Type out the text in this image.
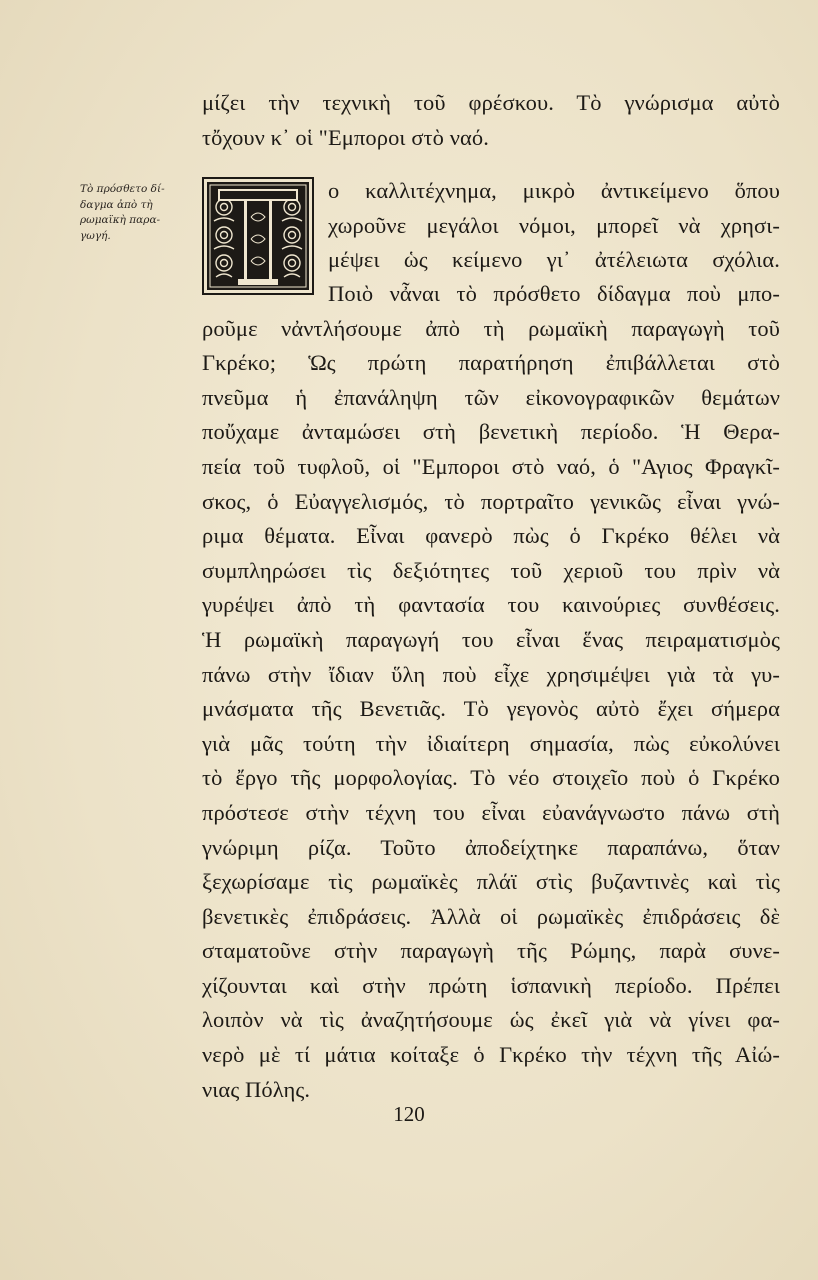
μίζει τὴν τεχνικὴ τοῦ φρέσκου. Τὸ γνώρισμα αὐτὸ
τὄχουν κ᾿ οἱ "Εμποροι στὸ ναό.
Τὸ πρόσθετο δί-
δαγμα ἀπὸ τὴ
ρωμαϊκὴ παρα-
γωγή.
T
ο καλλιτέχνημα, μικρὸ ἀντικείμενο ὅπου
χωροῦνε μεγάλοι νόμοι, μπορεῖ νὰ χρησι-
μέψει ὡς κείμενο γι᾿ ἀτέλειωτα σχόλια.
Ποιὸ νἆναι τὸ πρόσθετο δίδαγμα ποὺ μπο-
ροῦμε νἀντλήσουμε ἀπὸ τὴ ρωμαϊκὴ παραγωγὴ τοῦ
Γκρέκο; Ὡς πρώτη παρατήρηση ἐπιβάλλεται στὸ
πνεῦμα ἡ ἐπανάληψη τῶν εἰκονογραφικῶν θεμάτων
ποὔχαμε ἀνταμώσει στὴ βενετικὴ περίοδο. Ἡ Θερα-
πεία τοῦ τυφλοῦ, οἱ "Εμποροι στὸ ναό, ὁ "Αγιος Φραγκῖ-
σκος, ὁ Εὐαγγελισμός, τὸ πορτραῖτο γενικῶς εἶναι γνώ-
ριμα θέματα. Εἶναι φανερὸ πὼς ὁ Γκρέκο θέλει νὰ
συμπληρώσει τὶς δεξιότητες τοῦ χεριοῦ του πρὶν νὰ
γυρέψει ἀπὸ τὴ φαντασία του καινούριες συνθέσεις.
Ἡ ρωμαϊκὴ παραγωγή του εἶναι ἕνας πειραματισμὸς
πάνω στὴν ἴδιαν ὕλη ποὺ εἶχε χρησιμέψει γιὰ τὰ γυ-
μνάσματα τῆς Βενετιᾶς. Τὸ γεγονὸς αὐτὸ ἔχει σήμερα
γιὰ μᾶς τούτη τὴν ἰδιαίτερη σημασία, πὼς εὐκολύνει
τὸ ἔργο τῆς μορφολογίας. Τὸ νέο στοιχεῖο ποὺ ὁ Γκρέκο
πρόστεσε στὴν τέχνη του εἶναι εὐανάγνωστο πάνω στὴ
γνώριμη ρίζα. Τοῦτο ἀποδείχτηκε παραπάνω, ὅταν
ξεχωρίσαμε τὶς ρωμαϊκὲς πλάϊ στὶς βυζαντινὲς καὶ τὶς
βενετικὲς ἐπιδράσεις. Ἀλλὰ οἱ ρωμαϊκὲς ἐπιδράσεις δὲ
σταματοῦνε στὴν παραγωγὴ τῆς Ρώμης, παρὰ συνε-
χίζουνται καὶ στὴν πρώτη ἱσπανικὴ περίοδο. Πρέπει
λοιπὸν νὰ τὶς ἀναζητήσουμε ὡς ἐκεῖ γιὰ νὰ γίνει φα-
νερὸ μὲ τί μάτια κοίταξε ὁ Γκρέκο τὴν τέχνη τῆς Αἰώ-
νιας Πόλης.
120
